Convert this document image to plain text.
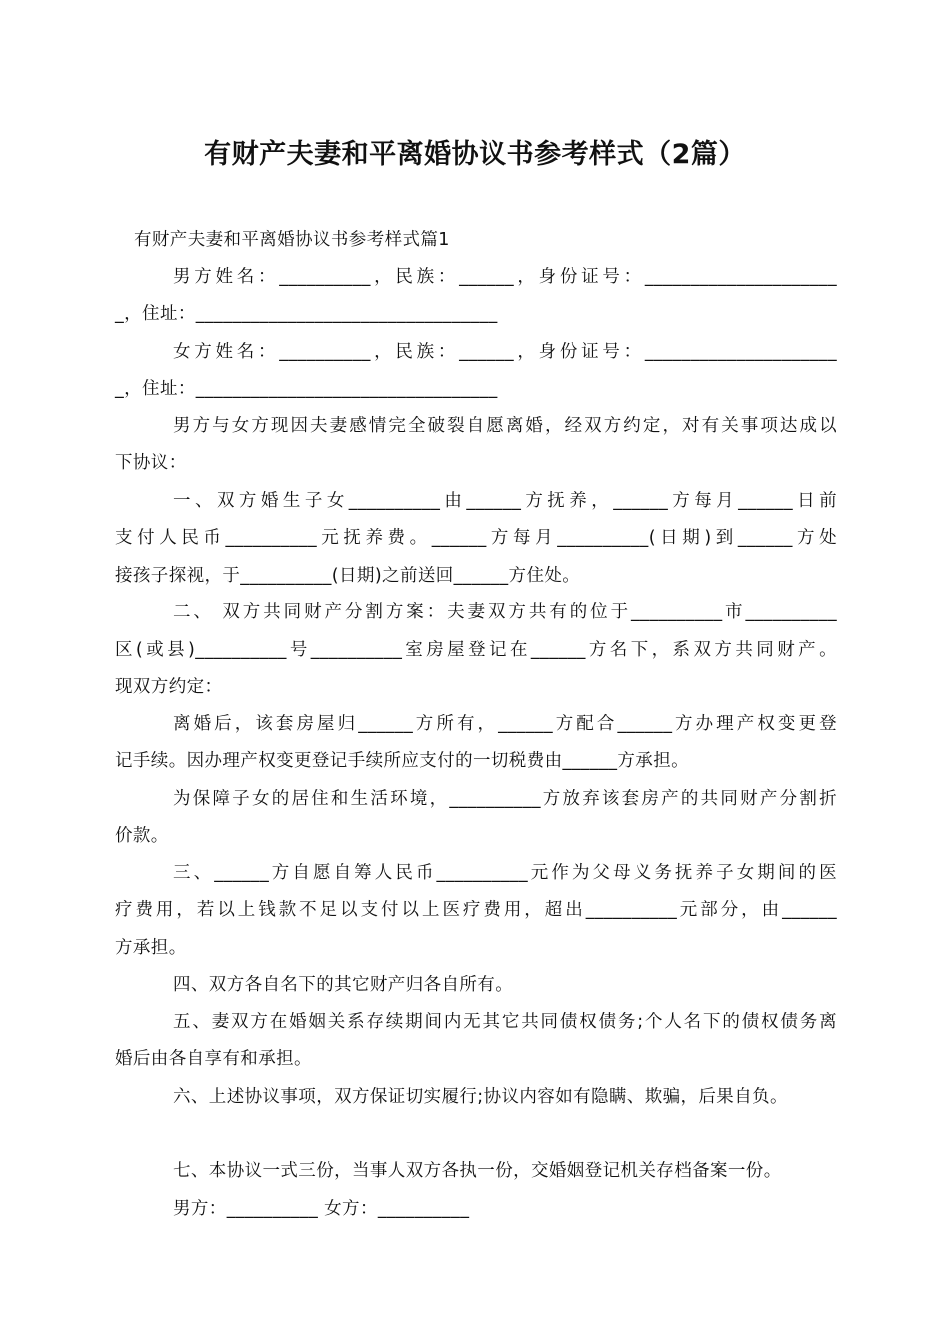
有财产夫妻和平离婚协议书参考样式（2篇）
有财产夫妻和平离婚协议书参考样式篇1
男方姓名：__________，民族：______，身份证号：_____________________
_，住址：_________________________________
女方姓名：__________，民族：______，身份证号：_____________________
_，住址：_________________________________
男方与女方现因夫妻感情完全破裂自愿离婚，经双方约定，对有关事项达成以
下协议：
一、双方婚生子女__________由______方抚养，______方每月______日前
支付人民币__________元抚养费。______方每月__________(日期)到______方处
接孩子探视，于__________(日期)之前送回______方住处。
二、 双方共同财产分割方案：夫妻双方共有的位于__________市__________
区(或县)__________号__________室房屋登记在______方名下，系双方共同财产。
现双方约定：
离婚后，该套房屋归______方所有，______方配合______方办理产权变更登
记手续。因办理产权变更登记手续所应支付的一切税费由______方承担。
为保障子女的居住和生活环境，__________方放弃该套房产的共同财产分割折
价款。
三、______方自愿自筹人民币__________元作为父母义务抚养子女期间的医
疗费用，若以上钱款不足以支付以上医疗费用，超出__________元部分，由______
方承担。
四、双方各自名下的其它财产归各自所有。
五、妻双方在婚姻关系存续期间内无其它共同债权债务;个人名下的债权债务离
婚后由各自享有和承担。
六、上述协议事项，双方保证切实履行;协议内容如有隐瞒、欺骗，后果自负。
七、本协议一式三份，当事人双方各执一份，交婚姻登记机关存档备案一份。
男方：__________ 女方：__________
